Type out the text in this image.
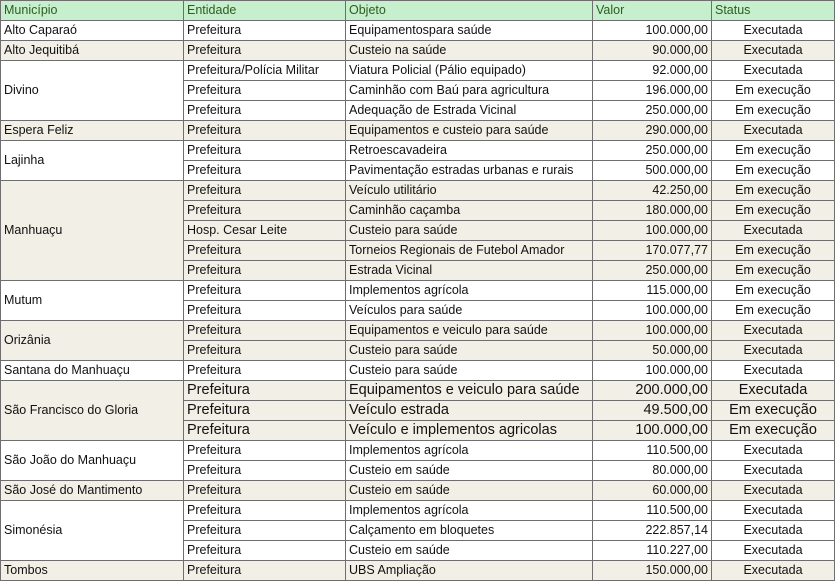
Município	Entidade	Objeto	Valor	Status
Alto Caparaó	Prefeitura	Equipamentospara saúde	100.000,00	Executada
Alto Jequitibá	Prefeitura	Custeio na saúde	90.000,00	Executada
Divino	Prefeitura/Polícia Militar	Viatura Policial (Pálio equipado)	92.000,00	Executada
	Prefeitura	Caminhão com Baú para agricultura	196.000,00	Em execução
	Prefeitura	Adequação de Estrada Vicinal	250.000,00	Em execução
Espera Feliz	Prefeitura	Equipamentos e custeio para saúde	290.000,00	Executada
Lajinha	Prefeitura	Retroescavadeira	250.000,00	Em execução
	Prefeitura	Pavimentação estradas urbanas e rurais	500.000,00	Em execução
Manhuaçu	Prefeitura	Veículo utilitário	42.250,00	Em execução
	Prefeitura	Caminhão caçamba	180.000,00	Em execução
	Hosp. Cesar Leite	Custeio para saúde	100.000,00	Executada
	Prefeitura	Torneios Regionais de Futebol Amador	170.077,77	Em execução
	Prefeitura	Estrada Vicinal	250.000,00	Em execução
Mutum	Prefeitura	Implementos agrícola	115.000,00	Em execução
	Prefeitura	Veículos para saúde	100.000,00	Em execução
Orizânia	Prefeitura	Equipamentos e veiculo para saúde	100.000,00	Executada
	Prefeitura	Custeio para saúde	50.000,00	Executada
Santana do Manhuaçu	Prefeitura	Custeio para saúde	100.000,00	Executada
São Francisco do Gloria	Prefeitura	Equipamentos e veiculo para saúde	200.000,00	Executada
	Prefeitura	Veículo estrada	49.500,00	Em execução
	Prefeitura	Veículo e implementos agricolas	100.000,00	Em execução
São João do Manhuaçu	Prefeitura	Implementos agrícola	110.500,00	Executada
	Prefeitura	Custeio em saúde	80.000,00	Executada
São José do Mantimento	Prefeitura	Custeio em saúde	60.000,00	Executada
Simonésia	Prefeitura	Implementos agrícola	110.500,00	Executada
	Prefeitura	Calçamento em bloquetes	222.857,14	Executada
	Prefeitura	Custeio em saúde	110.227,00	Executada
Tombos	Prefeitura	UBS Ampliação	150.000,00	Executada
